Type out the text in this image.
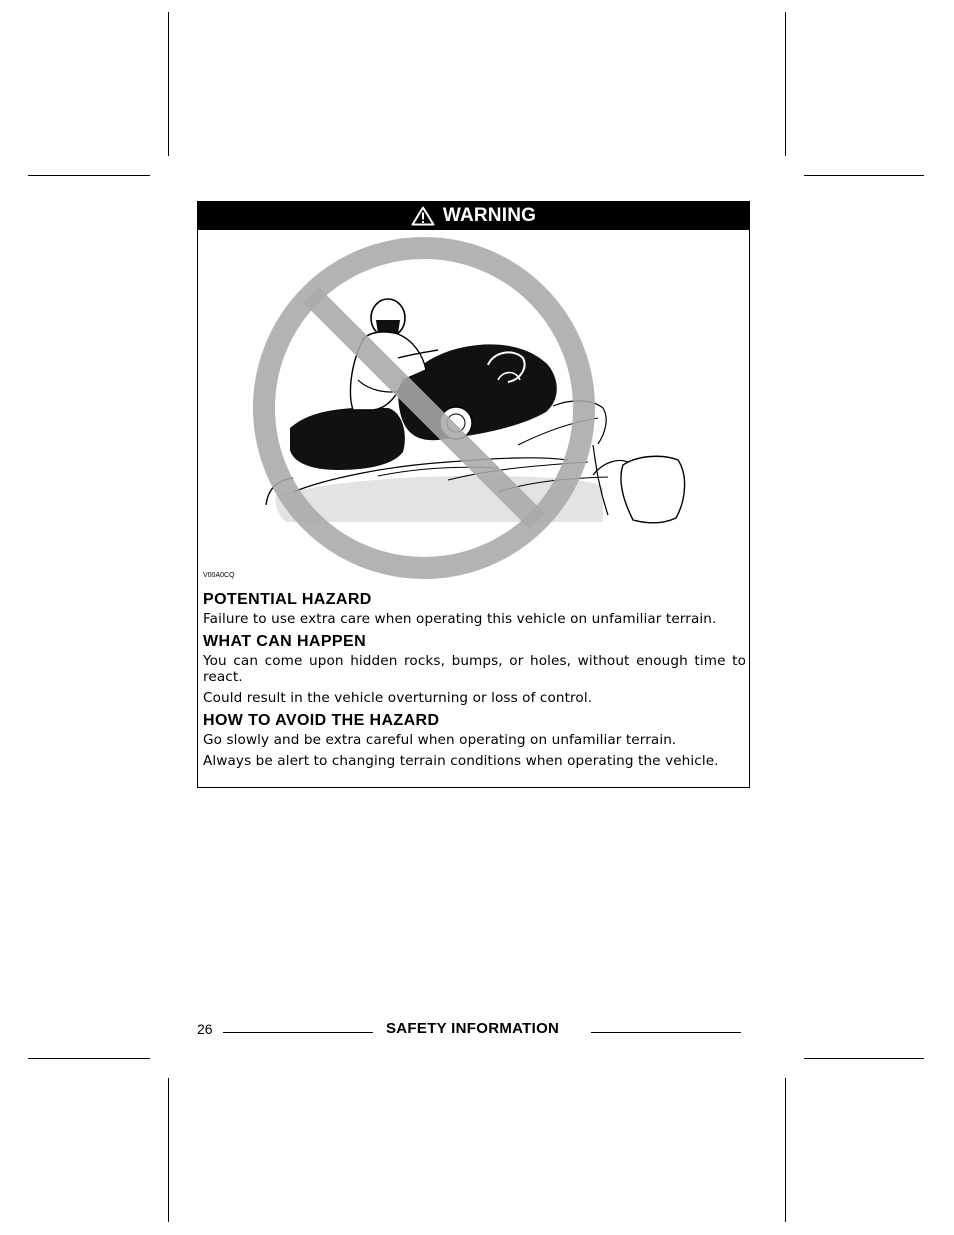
WARNING
V00A0CQ
POTENTIAL HAZARD
Failure to use extra care when operating this vehicle on unfamiliar terrain.
WHAT CAN HAPPEN
You can come upon hidden rocks, bumps, or holes, without enough time to react.
Could result in the vehicle overturning or loss of control.
HOW TO AVOID THE HAZARD
Go slowly and be extra careful when operating on unfamiliar terrain.
Always be alert to changing terrain conditions when operating the vehicle.
26	SAFETY INFORMATION
